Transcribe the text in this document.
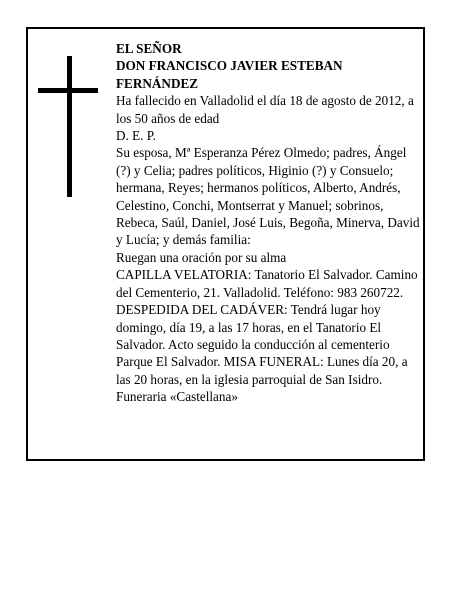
EL SEÑOR

DON FRANCISCO JAVIER ESTEBAN FERNÁNDEZ

Ha fallecido en Valladolid el día 18 de agosto de 2012, a los 50 años de edad

D. E. P.

Su esposa, Mª Esperanza Pérez Olmedo; padres, Ángel (?) y Celia; padres políticos, Higinio (?) y Consuelo; hermana, Reyes; hermanos políticos, Alberto, Andrés, Celestino, Conchi, Montserrat y Manuel; sobrinos, Rebeca, Saúl, Daniel, José Luis, Begoña, Minerva, David y Lucía; y demás familia:

Ruegan una oración por su alma

CAPILLA VELATORIA: Tanatorio El Salvador. Camino del Cementerio, 21. Valladolid. Teléfono: 983 260722.

DESPEDIDA DEL CADÁVER: Tendrá lugar hoy domingo, día 19, a las 17 horas, en el Tanatorio El Salvador. Acto seguido la conducción al cementerio Parque El Salvador. MISA FUNERAL: Lunes día 20, a las 20 horas, en la iglesia parroquial de San Isidro.

Funeraria «Castellana»
